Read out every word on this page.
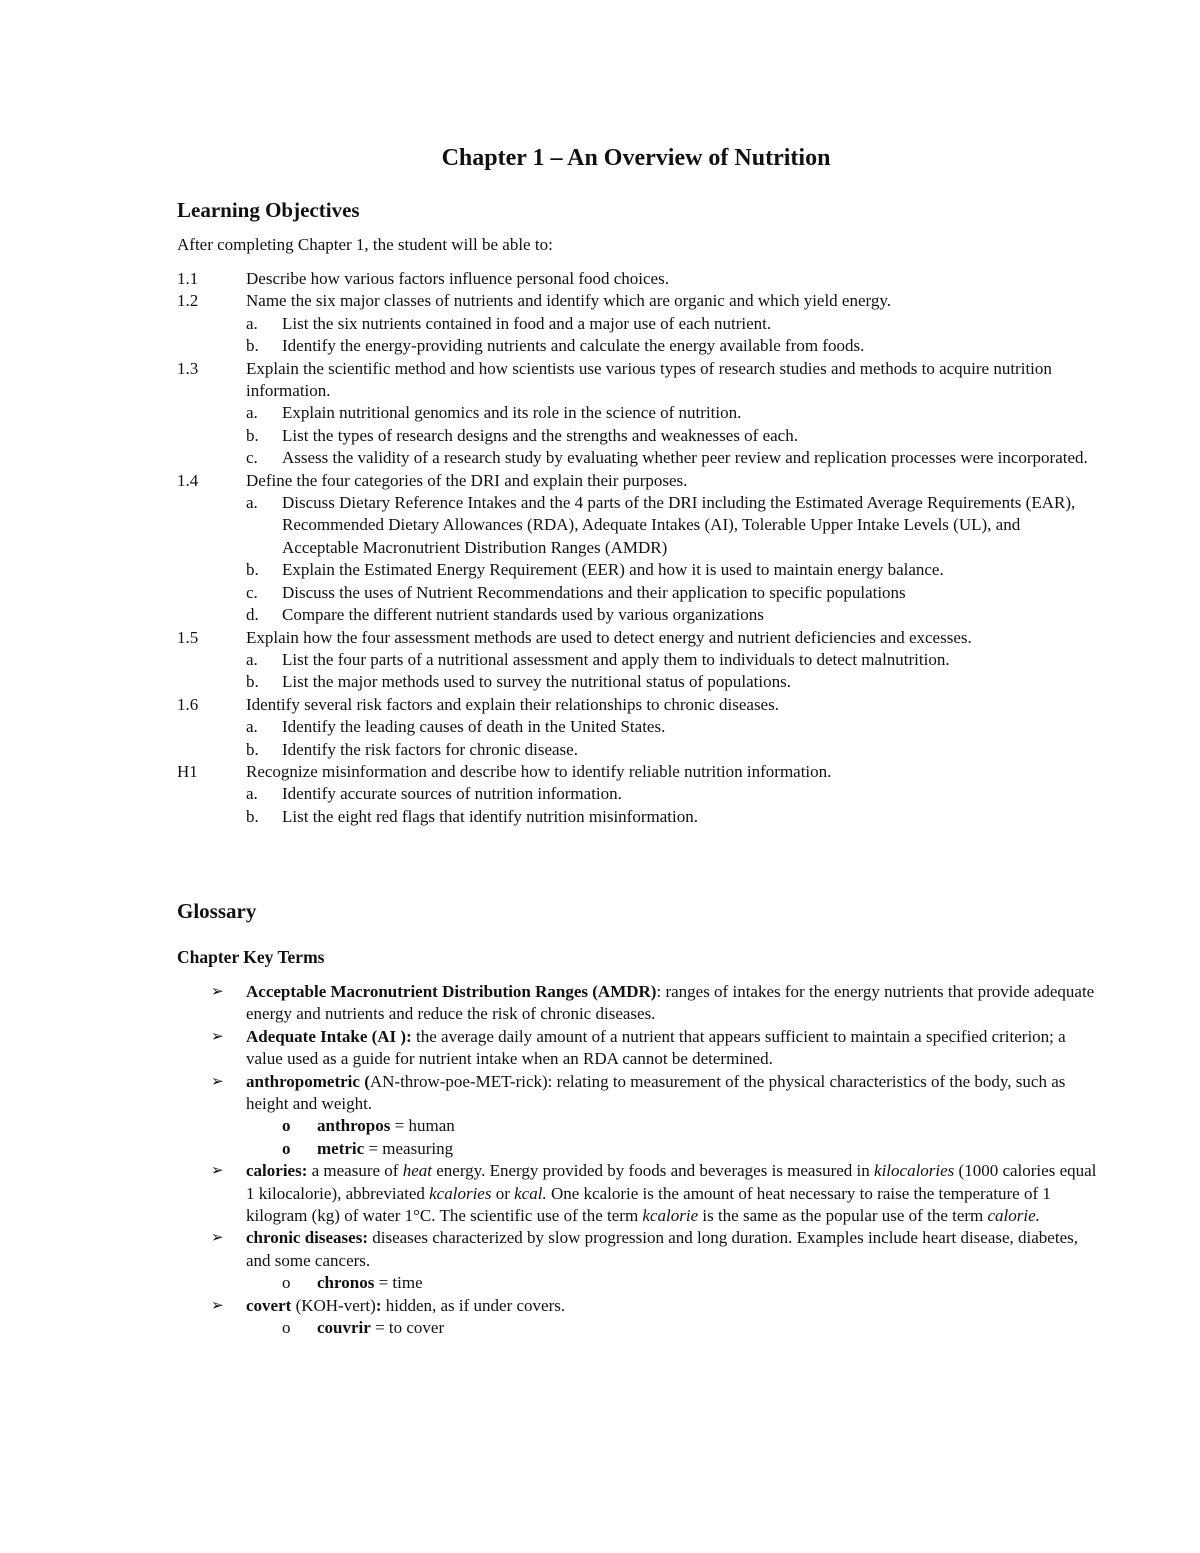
Chapter 1 – An Overview of Nutrition
Learning Objectives
After completing Chapter 1, the student will be able to:
1.1	Describe how various factors influence personal food choices.
1.2	Name the six major classes of nutrients and identify which are organic and which yield energy.
a. List the six nutrients contained in food and a major use of each nutrient.
b. Identify the energy-providing nutrients and calculate the energy available from foods.
1.3	Explain the scientific method and how scientists use various types of research studies and methods to acquire nutrition information.
a. Explain nutritional genomics and its role in the science of nutrition.
b. List the types of research designs and the strengths and weaknesses of each.
c. Assess the validity of a research study by evaluating whether peer review and replication processes were incorporated.
1.4	Define the four categories of the DRI and explain their purposes.
a. Discuss Dietary Reference Intakes and the 4 parts of the DRI including the Estimated Average Requirements (EAR), Recommended Dietary Allowances (RDA), Adequate Intakes (AI), Tolerable Upper Intake Levels (UL), and Acceptable Macronutrient Distribution Ranges (AMDR)
b. Explain the Estimated Energy Requirement (EER) and how it is used to maintain energy balance.
c. Discuss the uses of Nutrient Recommendations and their application to specific populations
d. Compare the different nutrient standards used by various organizations
1.5	Explain how the four assessment methods are used to detect energy and nutrient deficiencies and excesses.
a. List the four parts of a nutritional assessment and apply them to individuals to detect malnutrition.
b. List the major methods used to survey the nutritional status of populations.
1.6	Identify several risk factors and explain their relationships to chronic diseases.
a. Identify the leading causes of death in the United States.
b. Identify the risk factors for chronic disease.
H1	Recognize misinformation and describe how to identify reliable nutrition information.
a. Identify accurate sources of nutrition information.
b. List the eight red flags that identify nutrition misinformation.
Glossary
Chapter Key Terms
➢ Acceptable Macronutrient Distribution Ranges (AMDR): ranges of intakes for the energy nutrients that provide adequate energy and nutrients and reduce the risk of chronic diseases.
➢ Adequate Intake (AI ): the average daily amount of a nutrient that appears sufficient to maintain a specified criterion; a value used as a guide for nutrient intake when an RDA cannot be determined.
➢ anthropometric (AN-throw-poe-MET-rick): relating to measurement of the physical characteristics of the body, such as height and weight.
o anthropos = human
o metric = measuring
➢ calories: a measure of heat energy. Energy provided by foods and beverages is measured in kilocalories (1000 calories equal 1 kilocalorie), abbreviated kcalories or kcal. One kcalorie is the amount of heat necessary to raise the temperature of 1 kilogram (kg) of water 1°C. The scientific use of the term kcalorie is the same as the popular use of the term calorie.
➢ chronic diseases: diseases characterized by slow progression and long duration. Examples include heart disease, diabetes, and some cancers.
o chronos = time
➢ covert (KOH-vert): hidden, as if under covers.
o couvrir = to cover
